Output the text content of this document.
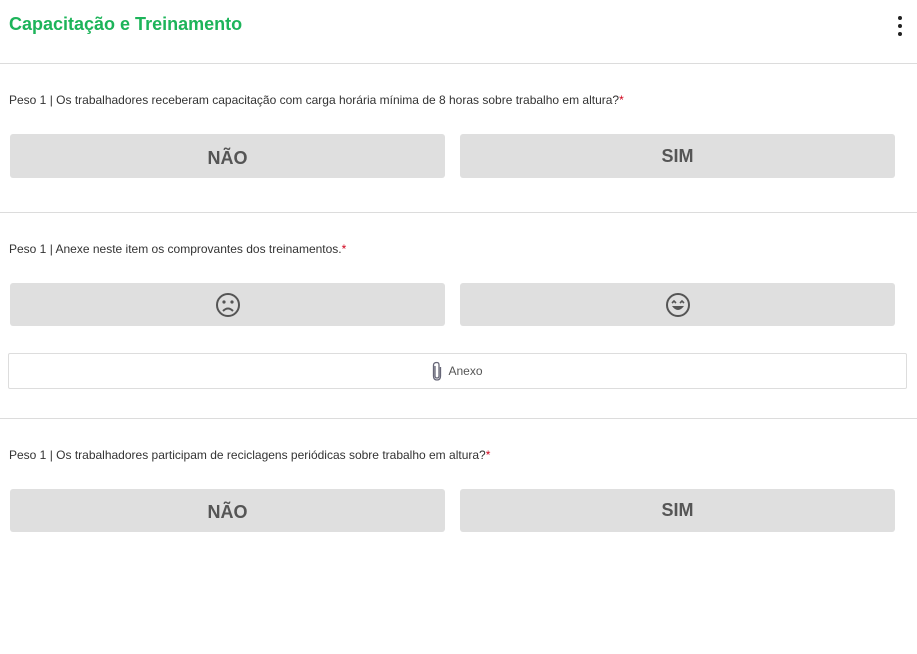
Capacitação e Treinamento
Peso 1 | Os trabalhadores receberam capacitação com carga horária mínima de 8 horas sobre trabalho em altura?*
NÃO	SIM
Peso 1 | Anexe neste item os comprovantes dos treinamentos.*
Anexo
Peso 1 | Os trabalhadores participam de reciclagens periódicas sobre trabalho em altura?*
NÃO	SIM
